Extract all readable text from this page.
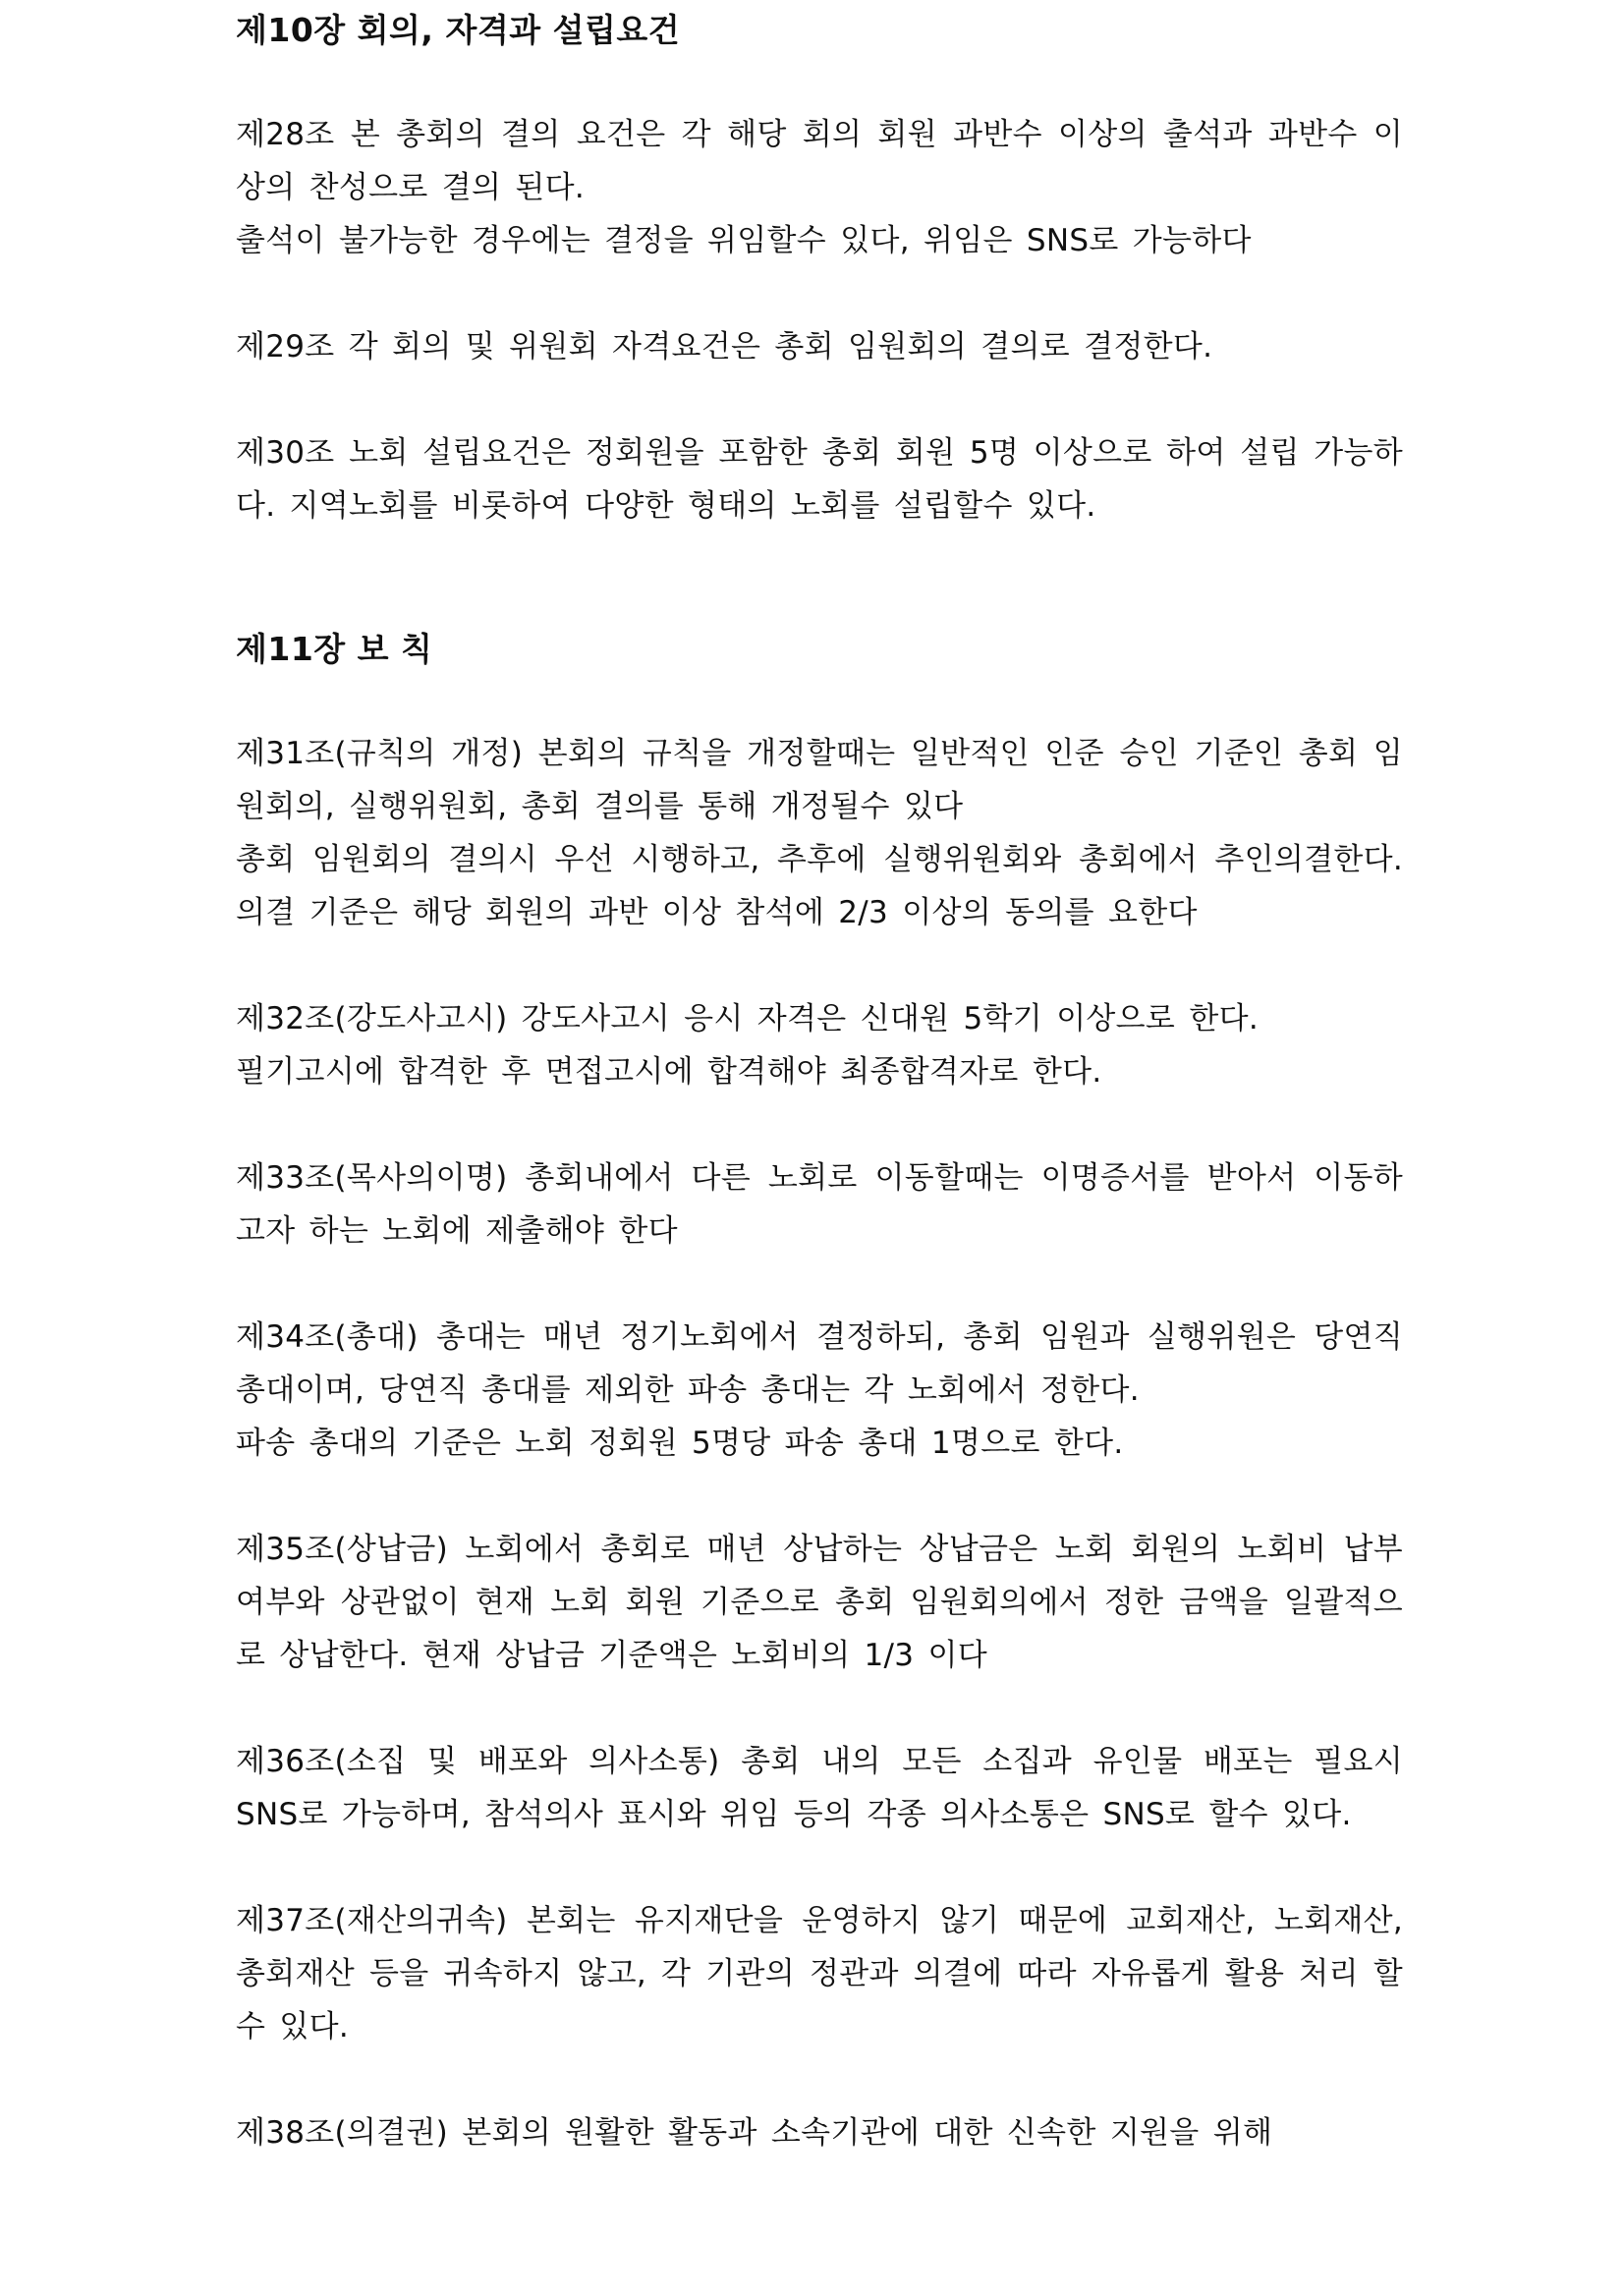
제10장 회의, 자격과 설립요건

제28조 본 총회의 결의 요건은 각 해당 회의 회원 과반수 이상의 출석과 과반수 이상의 찬성으로 결의 된다.
출석이 불가능한 경우에는 결정을 위임할수 있다, 위임은 SNS로 가능하다

제29조 각 회의 및 위원회 자격요건은 총회 임원회의 결의로 결정한다.

제30조 노회 설립요건은 정회원을 포함한 총회 회원 5명 이상으로 하여 설립 가능하다. 지역노회를 비롯하여 다양한 형태의 노회를 설립할수 있다.

제11장 보 칙

제31조(규칙의 개정) 본회의 규칙을 개정할때는 일반적인 인준 승인 기준인 총회 임원회의, 실행위원회, 총회 결의를 통해 개정될수 있다
총회 임원회의 결의시 우선 시행하고, 추후에 실행위원회와 총회에서 추인의결한다. 의결 기준은 해당 회원의 과반 이상 참석에 2/3 이상의 동의를 요한다

제32조(강도사고시) 강도사고시 응시 자격은 신대원 5학기 이상으로 한다.
필기고시에 합격한 후 면접고시에 합격해야 최종합격자로 한다.

제33조(목사의이명) 총회내에서 다른 노회로 이동할때는 이명증서를 받아서 이동하고자 하는 노회에 제출해야 한다

제34조(총대) 총대는 매년 정기노회에서 결정하되, 총회 임원과 실행위원은 당연직 총대이며, 당연직 총대를 제외한 파송 총대는 각 노회에서 정한다.
파송 총대의 기준은 노회 정회원 5명당 파송 총대 1명으로 한다.

제35조(상납금) 노회에서 총회로 매년 상납하는 상납금은 노회 회원의 노회비 납부 여부와 상관없이 현재 노회 회원 기준으로 총회 임원회의에서 정한 금액을 일괄적으로 상납한다. 현재 상납금 기준액은 노회비의 1/3 이다

제36조(소집 및 배포와 의사소통) 총회 내의 모든 소집과 유인물 배포는 필요시 SNS로 가능하며, 참석의사 표시와 위임 등의 각종 의사소통은 SNS로 할수 있다.

제37조(재산의귀속) 본회는 유지재단을 운영하지 않기 때문에 교회재산, 노회재산, 총회재산 등을 귀속하지 않고, 각 기관의 정관과 의결에 따라 자유롭게 활용 처리 할수 있다.

제38조(의결권) 본회의 원활한 활동과 소속기관에 대한 신속한 지원을 위해
